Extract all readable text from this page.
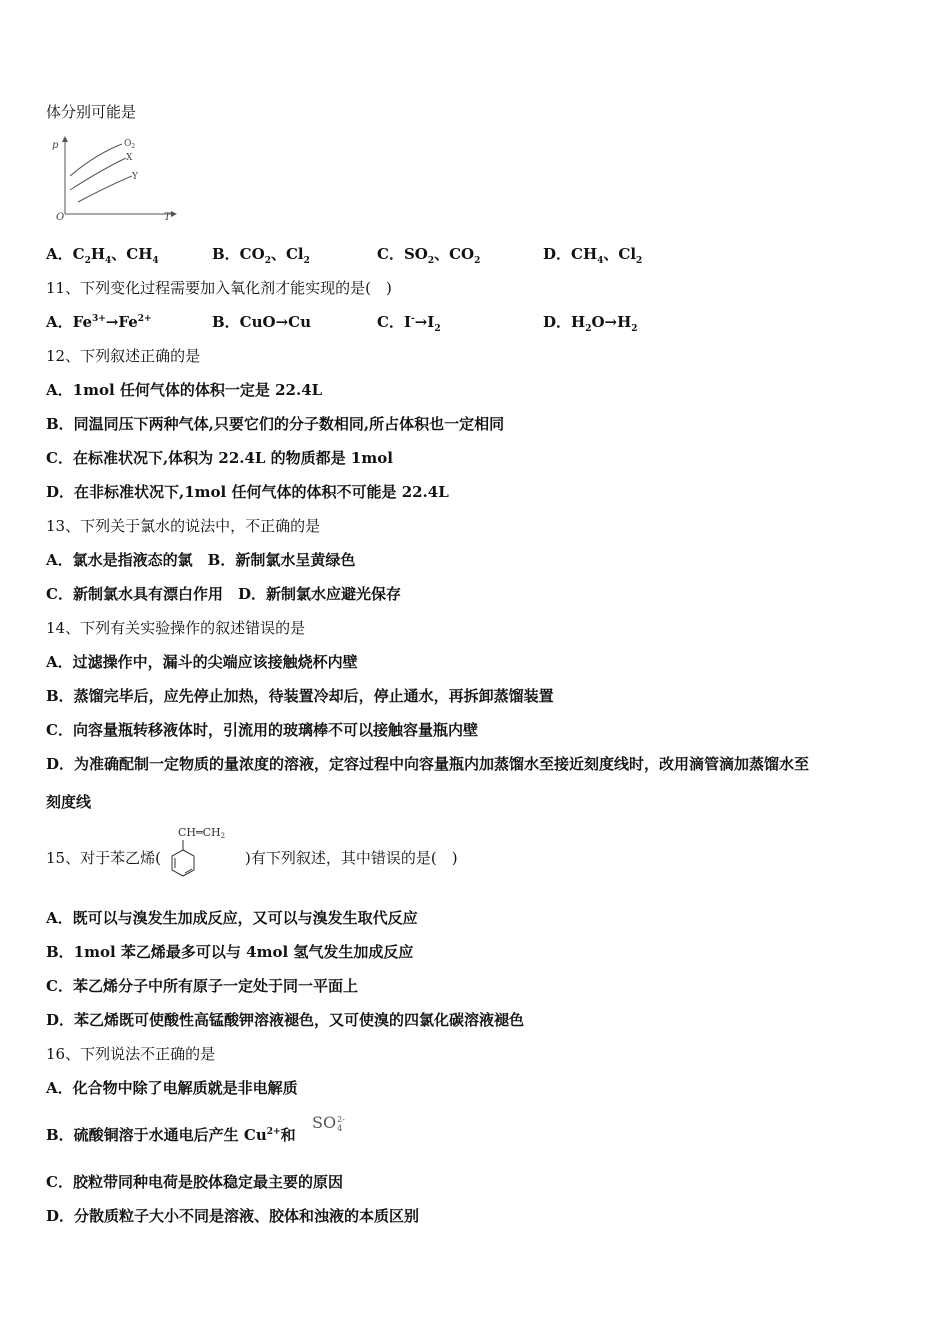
体分别可能是
p
O	T
$O_2$
X
Y
A．$C_2H_4$、$CH_4$	B．$CO_2$、$Cl_2$	C．$SO_2$、$CO_2$	D．$CH_4$、$Cl_2$
11、下列变化过程需要加入氧化剂才能实现的是(　)
A．$Fe^{3+}\to Fe^{2+}$	B．CuO→Cu	C．$I^-\to I_2$	D．$H_2O\to H_2$
12、下列叙述正确的是
A．1mol 任何气体的体积一定是 22.4L
B．同温同压下两种气体,只要它们的分子数相同,所占体积也一定相同
C．在标准状况下,体积为 22.4L 的物质都是 1mol
D．在非标准状况下,1mol 任何气体的体积不可能是 22.4L
13、下列关于氯水的说法中，不正确的是
A．氯水是指液态的氯　B．新制氯水呈黄绿色
C．新制氯水具有漂白作用　D．新制氯水应避光保存
14、下列有关实验操作的叙述错误的是
A．过滤操作中，漏斗的尖端应该接触烧杯内壁
B．蒸馏完毕后，应先停止加热，待装置冷却后，停止通水，再拆卸蒸馏装置
C．向容量瓶转移液体时，引流用的玻璃棒不可以接触容量瓶内壁
D．为准确配制一定物质的量浓度的溶液，定容过程中向容量瓶内加蒸馏水至接近刻度线时，改用滴管滴加蒸馏水至
刻度线
15、对于苯乙烯(
CH═CH2
)有下列叙述，其中错误的是(　)
A．既可以与溴发生加成反应，又可以与溴发生取代反应
B．1mol 苯乙烯最多可以与 4mol 氢气发生加成反应
C．苯乙烯分子中所有原子一定处于同一平面上
D．苯乙烯既可使酸性高锰酸钾溶液褪色，又可使溴的四氯化碳溶液褪色
16、下列说法不正确的是
A．化合物中除了电解质就是非电解质
B．硫酸铜溶于水通电后产生 $Cu^{2+}$和
SO 2-
4
C．胶粒带同种电荷是胶体稳定最主要的原因
D．分散质粒子大小不同是溶液、胶体和浊液的本质区别
